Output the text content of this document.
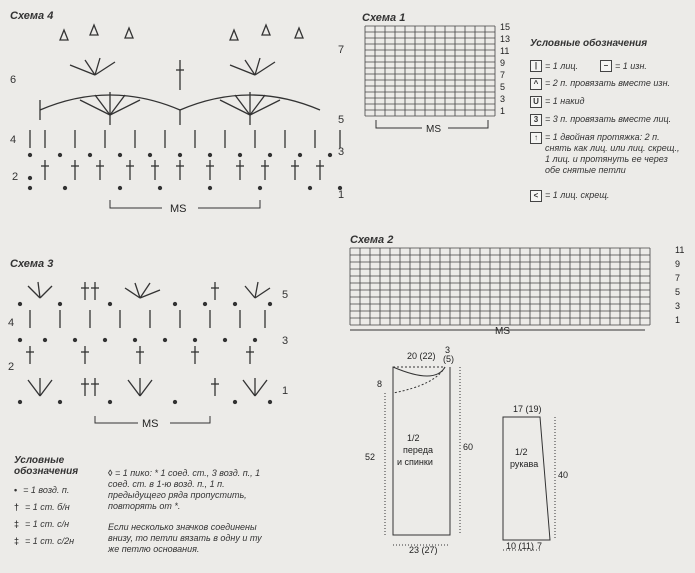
Схема 4
6
4
2
7
5
3
1
MS
Схема 3
4
2
5
3
1
MS
Условные обозначения
• = 1 возд. п.
† = 1 ст. б/н
‡ = 1 ст. с/н
‡ = 1 ст. с/2н
◊ = 1 пико: * 1 соед. ст., 3 возд. п., 1 соед. ст. в 1-ю возд. п., 1 п. предыдущего ряда пропустить, повторять от *.
Если несколько значков соединены внизу, то петли вязать в одну и ту же петлю основания.
Схема 1
15
13
11
9
7
5
3
1
MS
Условные обозначения
| = 1 лиц.	– = 1 изн.
^ = 2 п. провязать вместе изн.
U = 1 накид
3 = 3 п. провязать вместе лиц.
↑ = 1 двойная протяжка: 2 п. снять как лиц. или лиц. скрещ., 1 лиц. и протянуть ее через обе снятые петли
< = 1 лиц. скрещ.
Схема 2
11
9
7
5
3
1
MS
20 (22)
3
(5)
8
52
60
23 (27)
1/2
переда
и спинки
17 (19)
40
10 (11) 7
1/2
рукава
